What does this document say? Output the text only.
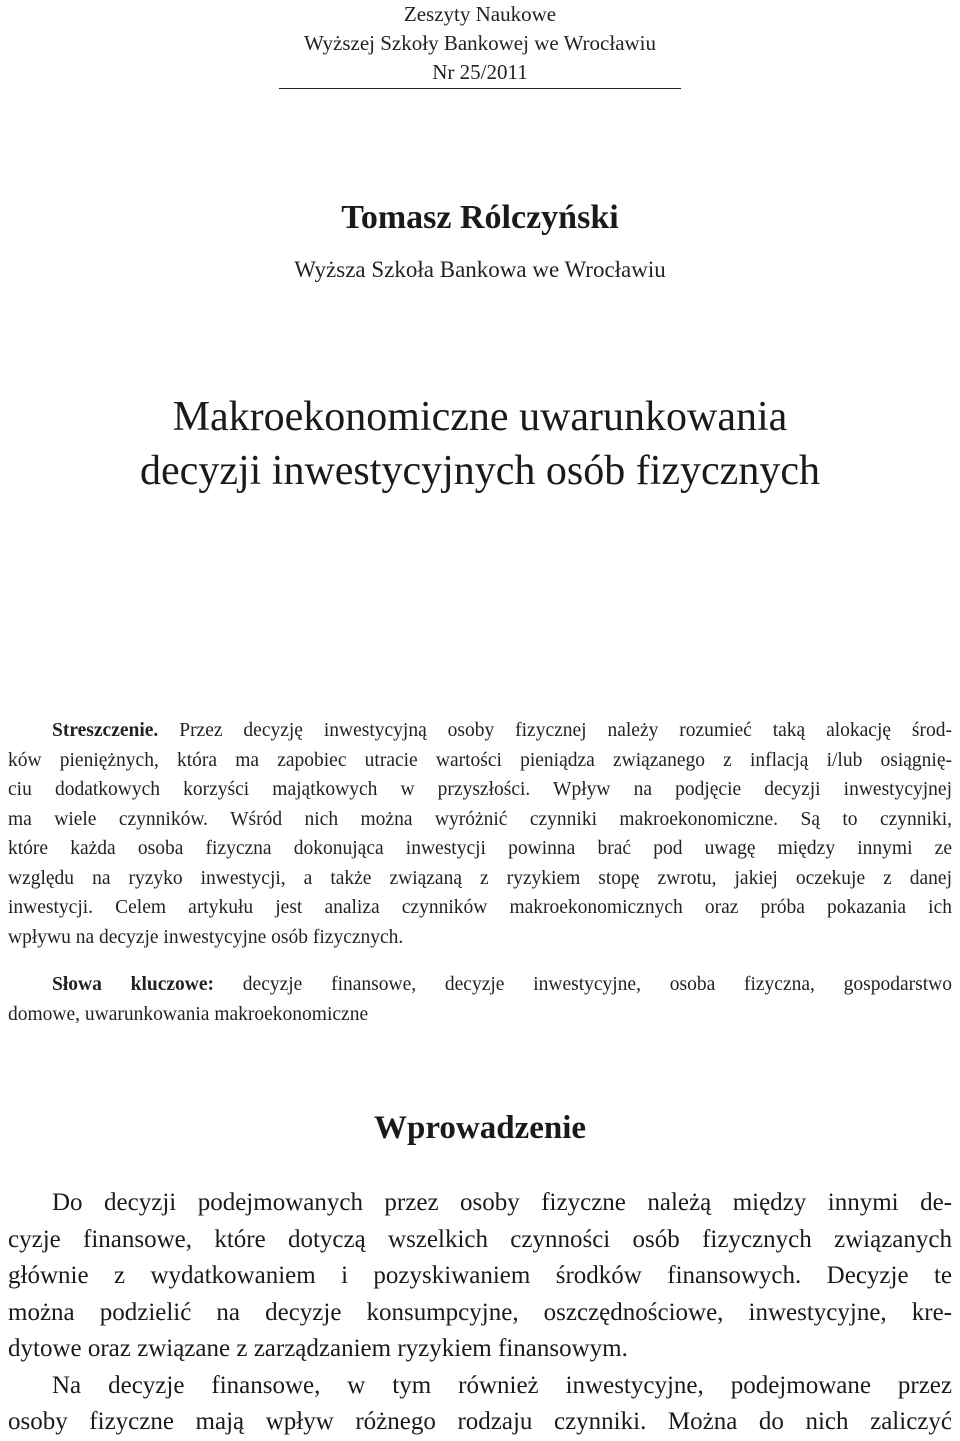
Zeszyty Naukowe
Wyższej Szkoły Bankowej we Wrocławiu
Nr 25/2011
Tomasz Rólczyński
Wyższa Szkoła Bankowa we Wrocławiu
Makroekonomiczne uwarunkowania
decyzji inwestycyjnych osób fizycznych
Streszczenie. Przez decyzję inwestycyjną osoby fizycznej należy rozumieć taką alokację środ-
ków pieniężnych, która ma zapobiec utracie wartości pieniądza związanego z inflacją i/lub osiągnię-
ciu dodatkowych korzyści majątkowych w przyszłości. Wpływ na podjęcie decyzji inwestycyjnej
ma wiele czynników. Wśród nich można wyróżnić czynniki makroekonomiczne. Są to czynniki,
które każda osoba fizyczna dokonująca inwestycji powinna brać pod uwagę między innymi ze
względu na ryzyko inwestycji, a także związaną z ryzykiem stopę zwrotu, jakiej oczekuje z danej
inwestycji. Celem artykułu jest analiza czynników makroekonomicznych oraz próba pokazania ich
wpływu na decyzje inwestycyjne osób fizycznych.
Słowa kluczowe: decyzje finansowe, decyzje inwestycyjne, osoba fizyczna, gospodarstwo
domowe, uwarunkowania makroekonomiczne
Wprowadzenie
Do decyzji podejmowanych przez osoby fizyczne należą między innymi de-
cyzje finansowe, które dotyczą wszelkich czynności osób fizycznych związanych
głównie z wydatkowaniem i pozyskiwaniem środków finansowych. Decyzje te
można podzielić na decyzje konsumpcyjne, oszczędnościowe, inwestycyjne, kre-
dytowe oraz związane z zarządzaniem ryzykiem finansowym.
Na decyzje finansowe, w tym również inwestycyjne, podejmowane przez
osoby fizyczne mają wpływ różnego rodzaju czynniki. Można do nich zaliczyć
